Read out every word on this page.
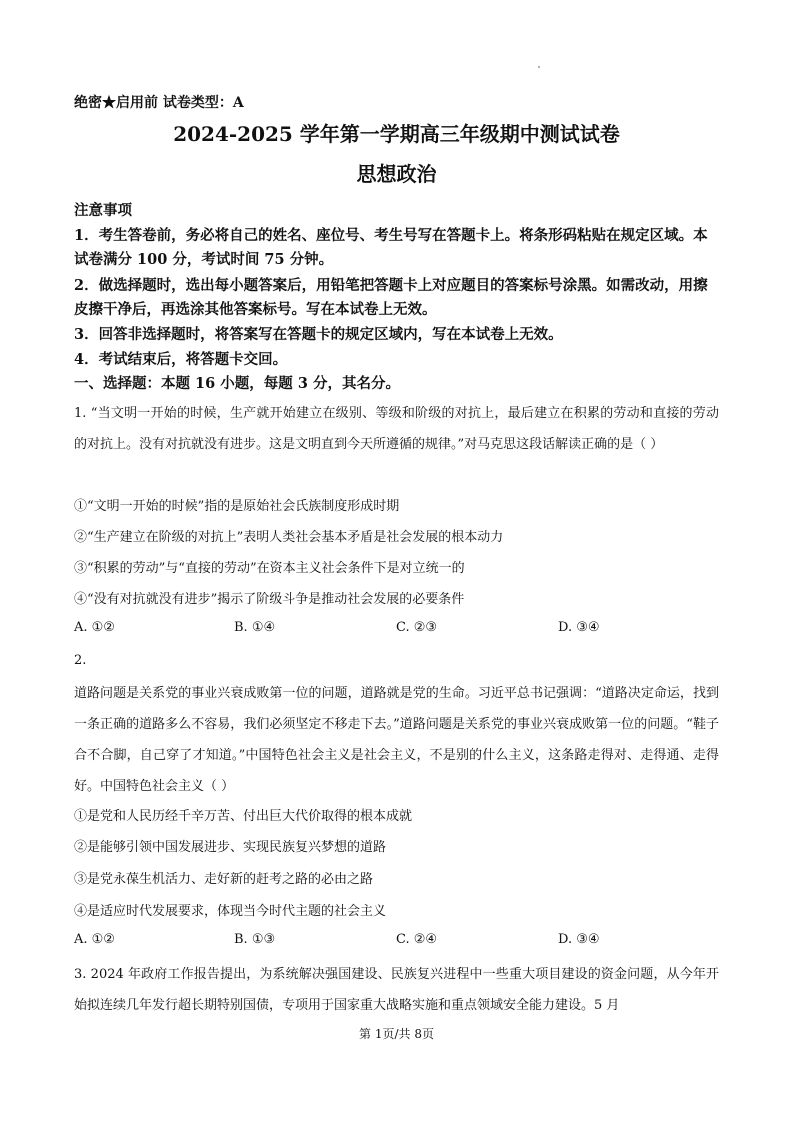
绝密★启用前 试卷类型：A
2024-2025 学年第一学期高三年级期中测试试卷
思想政治
注意事项
1．考生答卷前，务必将自己的姓名、座位号、考生号写在答题卡上。将条形码粘贴在规定区域。本试卷满分 100 分，考试时间 75 分钟。
2．做选择题时，选出每小题答案后，用铅笔把答题卡上对应题目的答案标号涂黑。如需改动，用擦皮擦干净后，再选涂其他答案标号。写在本试卷上无效。
3．回答非选择题时，将答案写在答题卡的规定区域内，写在本试卷上无效。
4．考试结束后，将答题卡交回。
一、选择题：本题 16 小题，每题 3 分，其名分。
1. “当文明一开始的时候，生产就开始建立在级别、等级和阶级的对抗上，最后建立在积累的劳动和直接的劳动的对抗上。没有对抗就没有进步。这是文明直到今天所遵循的规律。”对马克思这段话解读正确的是（ ）
①“文明一开始的时候”指的是原始社会氏族制度形成时期
②“生产建立在阶级的对抗上”表明人类社会基本矛盾是社会发展的根本动力
③“积累的劳动”与“直接的劳动”在资本主义社会条件下是对立统一的
④“没有对抗就没有进步”揭示了阶级斗争是推动社会发展的必要条件
A. ①②	B. ①④	C. ②③	D. ③④
2.
道路问题是关系党的事业兴衰成败第一位的问题，道路就是党的生命。习近平总书记强调：“道路决定命运，找到一条正确的道路多么不容易，我们必须坚定不移走下去。”道路问题是关系党的事业兴衰成败第一位的问题。“鞋子合不合脚，自己穿了才知道。”中国特色社会主义是社会主义，不是别的什么主义，这条路走得对、走得通、走得好。中国特色社会主义（ ）
①是党和人民历经千辛万苦、付出巨大代价取得的根本成就
②是能够引领中国发展进步、实现民族复兴梦想的道路
③是党永葆生机活力、走好新的赶考之路的必由之路
④是适应时代发展要求，体现当今时代主题的社会主义
A. ①②	B. ①③	C. ②④	D. ③④
3. 2024 年政府工作报告提出，为系统解决强国建设、民族复兴进程中一些重大项目建设的资金问题，从今年开始拟连续几年发行超长期特别国债，专项用于国家重大战略实施和重点领域安全能力建设。5 月
第 1页/共 8页
